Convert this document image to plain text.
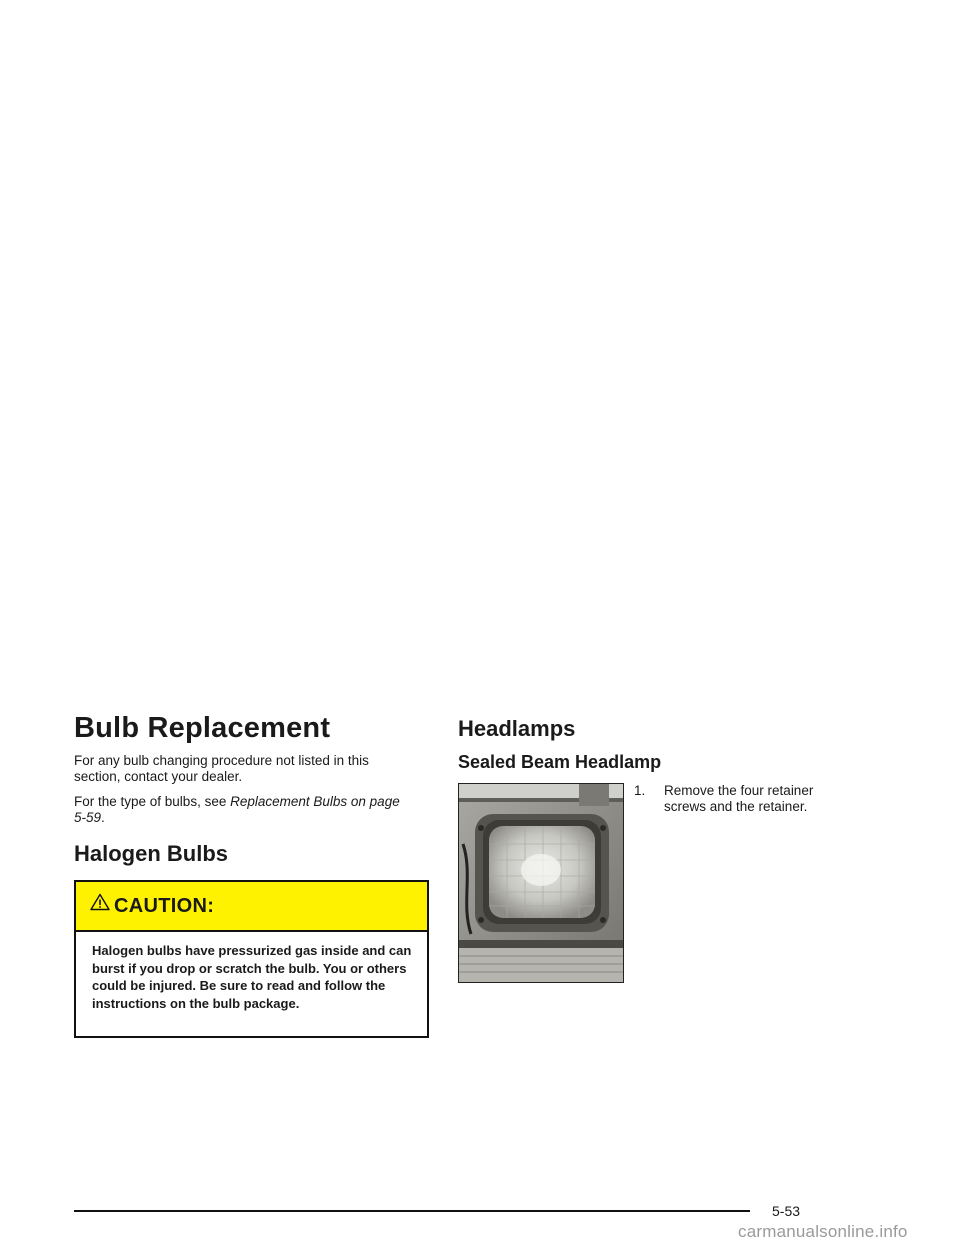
Bulb Replacement

For any bulb changing procedure not listed in this section, contact your dealer.

For the type of bulbs, see Replacement Bulbs on page 5-59.

Halogen Bulbs
CAUTION:
Halogen bulbs have pressurized gas inside and can burst if you drop or scratch the bulb. You or others could be injured. Be sure to read and follow the instructions on the bulb package.
Headlamps
Sealed Beam Headlamp
1. Remove the four retainer screws and the retainer.
5-53
carmanualsonline.info
